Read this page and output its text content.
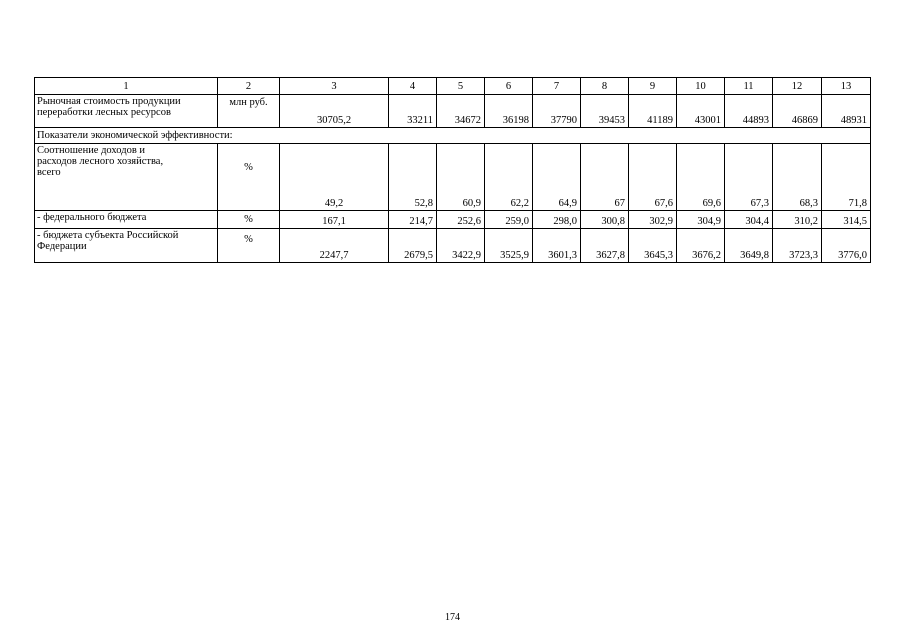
1	2	3	4	5	6	7	8	9	10	11	12	13

Рыночная стоимость продукции
переработки лесных ресурсов	млн руб.	30705,2	33211	34672	36198	37790	39453	41189	43001	44893	46869	48931
Показатели экономической эффективности:												

Соотношение доходов и
расходов лесного хозяйства,
всего	%	49,2	52,8	60,9	62,2	64,9	67	67,6	69,6	67,3	68,3	71,8

- федерального бюджета	%	167,1	214,7	252,6	259,0	298,0	300,8	302,9	304,9	304,4	310,2	314,5

- бюджета субъекта Российской
Федерации	%	2247,7	2679,5	3422,9	3525,9	3601,3	3627,8	3645,3	3676,2	3649,8	3723,3	3776,0
174
